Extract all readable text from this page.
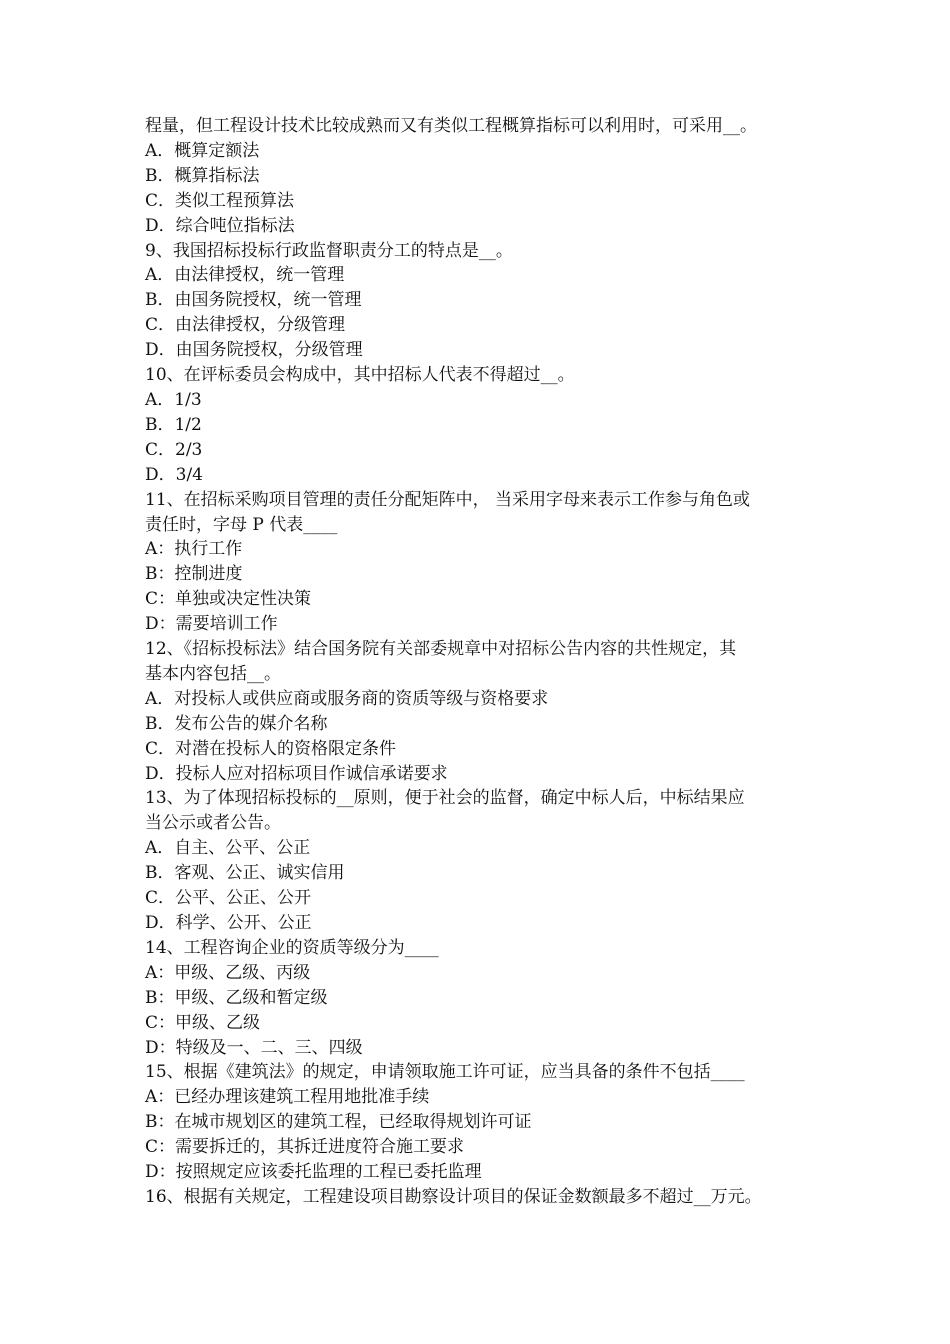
程量，但工程设计技术比较成熟而又有类似工程概算指标可以利用时，可采用__。
A．概算定额法
B．概算指标法
C．类似工程预算法
D．综合吨位指标法
9、我国招标投标行政监督职责分工的特点是__。
A．由法律授权，统一管理
B．由国务院授权，统一管理
C．由法律授权，分级管理
D．由国务院授权，分级管理
10、在评标委员会构成中，其中招标人代表不得超过__。
A．1/3
B．1/2
C．2/3
D．3/4
11、在招标采购项目管理的责任分配矩阵中， 当采用字母来表示工作参与角色或
责任时，字母 P 代表____
A：执行工作
B：控制进度
C：单独或决定性决策
D：需要培训工作
12、《招标投标法》结合国务院有关部委规章中对招标公告内容的共性规定，其
基本内容包括__。
A．对投标人或供应商或服务商的资质等级与资格要求
B．发布公告的媒介名称
C．对潜在投标人的资格限定条件
D．投标人应对招标项目作诚信承诺要求
13、为了体现招标投标的__原则，便于社会的监督，确定中标人后，中标结果应
当公示或者公告。
A．自主、公平、公正
B．客观、公正、诚实信用
C．公平、公正、公开
D．科学、公开、公正
14、工程咨询企业的资质等级分为____
A：甲级、乙级、丙级
B：甲级、乙级和暂定级
C：甲级、乙级
D：特级及一、二、三、四级
15、根据《建筑法》的规定，申请领取施工许可证，应当具备的条件不包括____
A：已经办理该建筑工程用地批准手续
B：在城市规划区的建筑工程，已经取得规划许可证
C：需要拆迁的，其拆迁进度符合施工要求
D：按照规定应该委托监理的工程已委托监理
16、根据有关规定，工程建设项目勘察设计项目的保证金数额最多不超过__万元。
